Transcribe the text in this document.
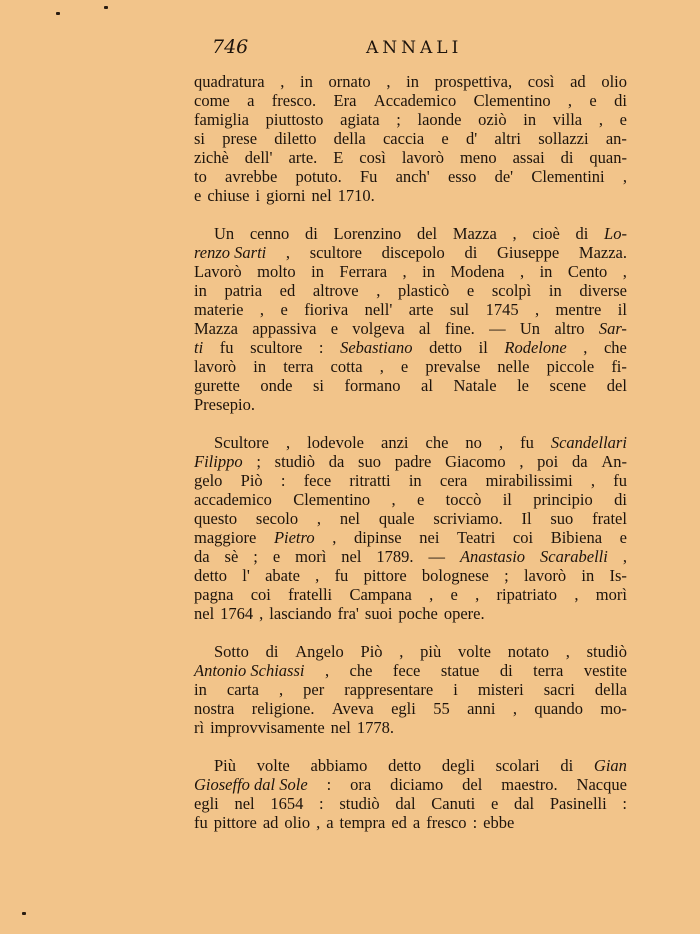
746	ANNALI
quadratura , in ornato , in prospettiva, così ad olio
come a fresco. Era Accademico Clementino , e di
famiglia piuttosto agiata ; laonde oziò in villa , e
si prese diletto della caccia e d' altri sollazzi an-
zichè dell' arte. E così lavorò meno assai di quan-
to avrebbe potuto. Fu anch' esso de' Clementini ,
e chiuse i giorni nel 1710.
Un cenno di Lorenzino del Mazza , cioè di Lo-
renzo Sarti , scultore discepolo di Giuseppe Mazza.
Lavorò molto in Ferrara , in Modena , in Cento ,
in patria ed altrove , plasticò e scolpì in diverse
materie , e fioriva nell' arte sul 1745 , mentre il
Mazza appassiva e volgeva al fine. — Un altro Sar-
ti fu scultore : Sebastiano detto il Rodelone , che
lavorò in terra cotta , e prevalse nelle piccole fi-
gurette onde si formano al Natale le scene del
Presepio.
Scultore , lodevole anzi che no , fu Scandellari
Filippo ; studiò da suo padre Giacomo , poi da An-
gelo Piò : fece ritratti in cera mirabilissimi , fu
accademico Clementino , e toccò il principio di
questo secolo , nel quale scriviamo. Il suo fratel
maggiore Pietro , dipinse nei Teatri coi Bibiena e
da sè ; e morì nel 1789. — Anastasio Scarabelli ,
detto l' abate , fu pittore bolognese ; lavorò in Is-
pagna coi fratelli Campana , e , ripatriato , morì
nel 1764 , lasciando fra' suoi poche opere.
Sotto di Angelo Piò , più volte notato , studiò
Antonio Schiassi , che fece statue di terra vestite
in carta , per rappresentare i misteri sacri della
nostra religione. Aveva egli 55 anni , quando mo-
rì improvvisamente nel 1778.
Più volte abbiamo detto degli scolari di Gian
Gioseffo dal Sole : ora diciamo del maestro. Nacque
egli nel 1654 : studiò dal Canuti e dal Pasinelli :
fu pittore ad olio , a tempra ed a fresco : ebbe
